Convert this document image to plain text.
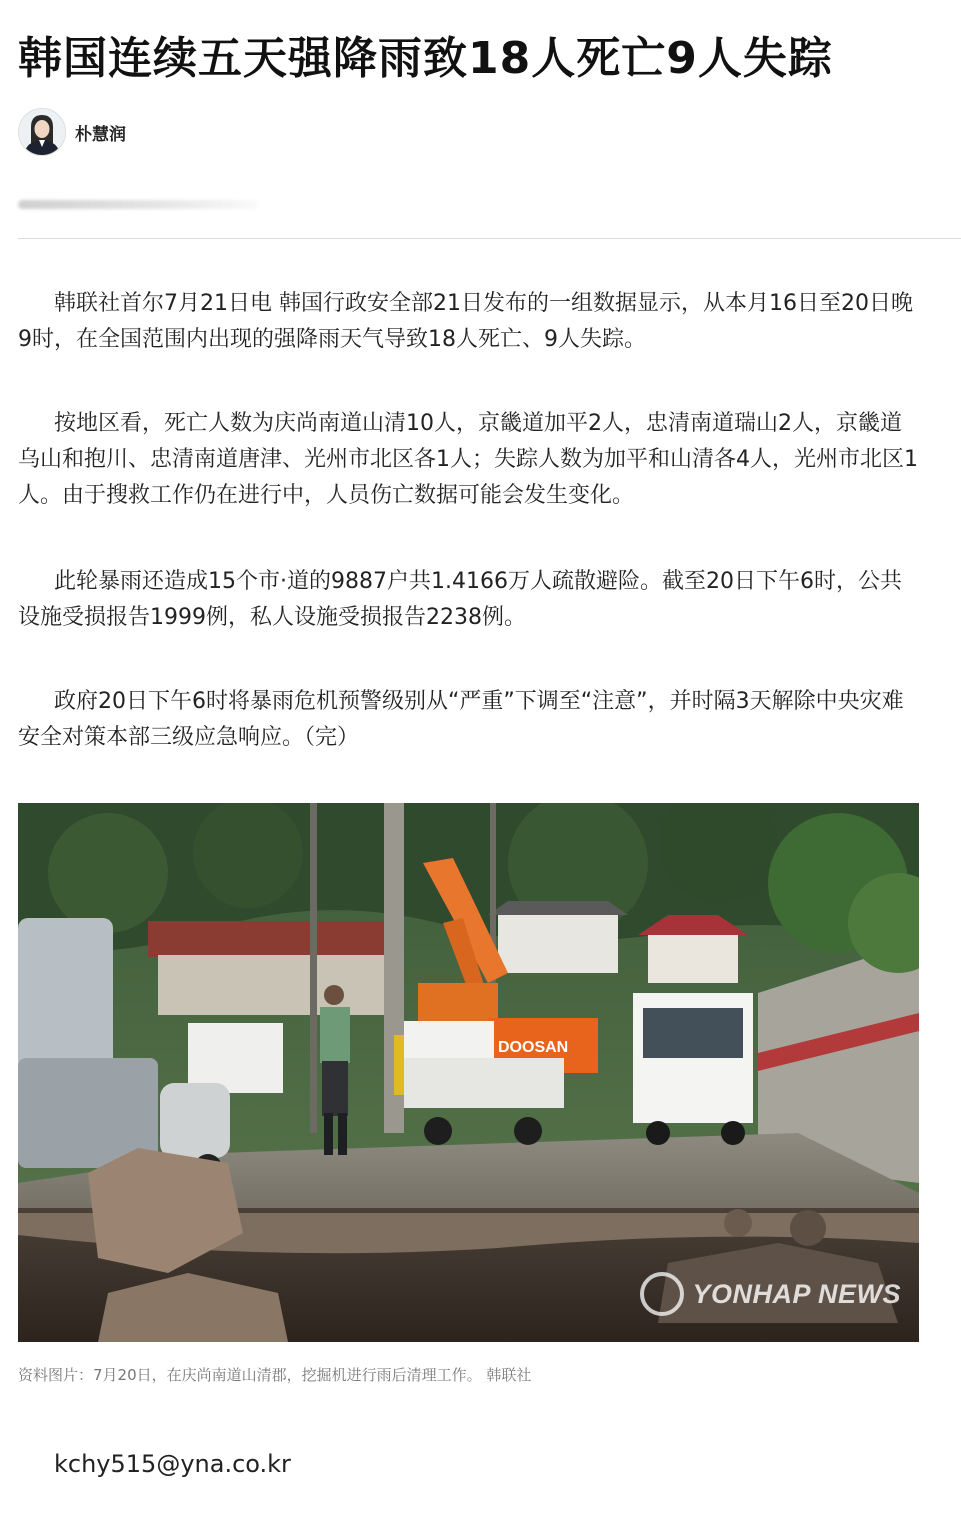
韩国连续五天强降雨致18人死亡9人失踪
朴慧润

韩联社首尔7月21日电 韩国行政安全部21日发布的一组数据显示，从本月16日至20日晚9时，在全国范围内出现的强降雨天气导致18人死亡、9人失踪。

按地区看，死亡人数为庆尚南道山清10人，京畿道加平2人，忠清南道瑞山2人，京畿道乌山和抱川、忠清南道唐津、光州市北区各1人；失踪人数为加平和山清各4人，光州市北区1人。由于搜救工作仍在进行中，人员伤亡数据可能会发生变化。

此轮暴雨还造成15个市·道的9887户共1.4166万人疏散避险。截至20日下午6时，公共设施受损报告1999例，私人设施受损报告2238例。

政府20日下午6时将暴雨危机预警级别从“严重”下调至“注意”，并时隔3天解除中央灾难安全对策本部三级应急响应。（完）

DOOSAN
YONHAP NEWS

资料图片：7月20日，在庆尚南道山清郡，挖掘机进行雨后清理工作。 韩联社

kchy515@yna.co.kr
